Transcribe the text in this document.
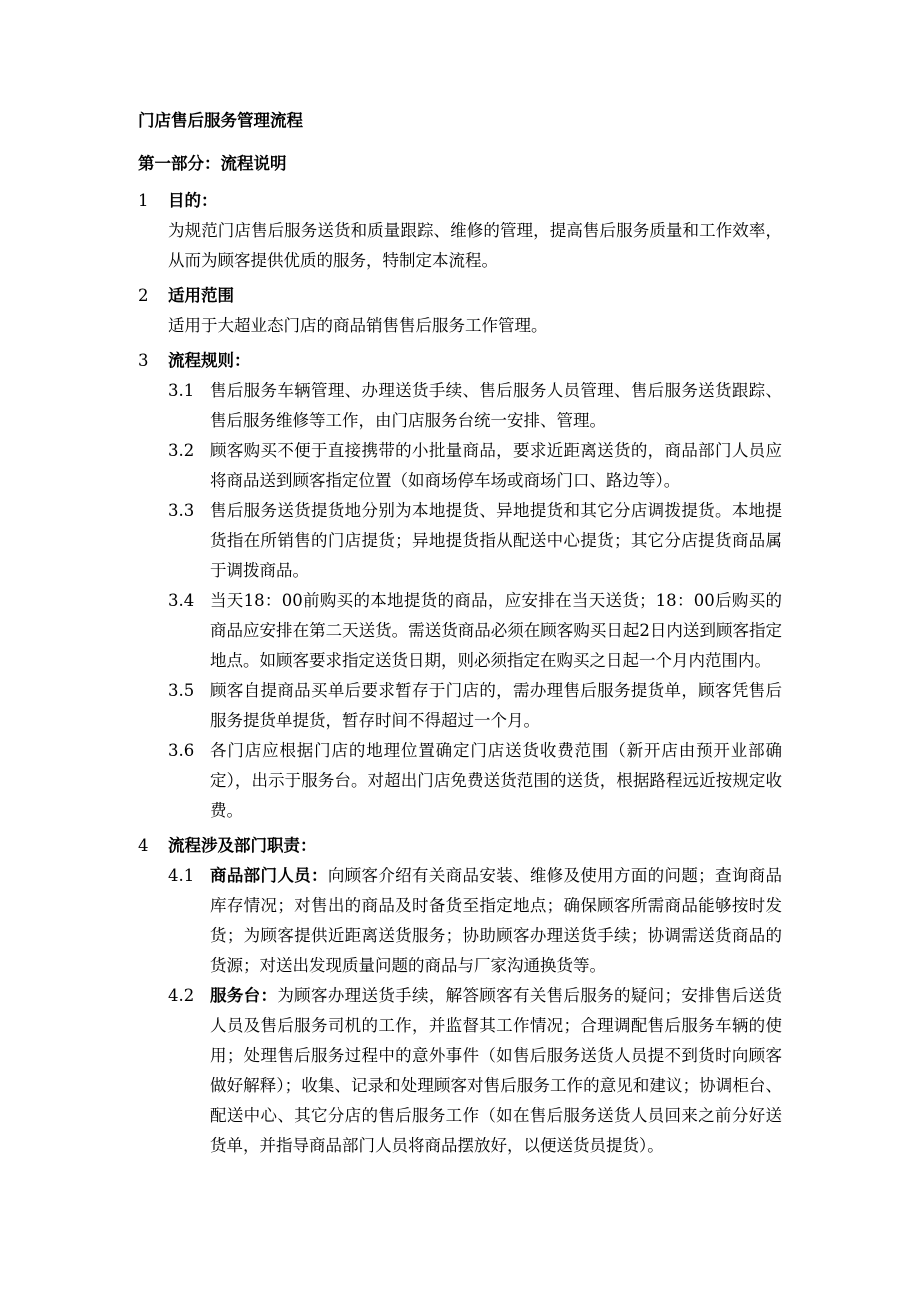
门店售后服务管理流程

第一部分：流程说明

1	目的：

为规范门店售后服务送货和质量跟踪、维修的管理，提高售后服务质量和工作效率，从而为顾客提供优质的服务，特制定本流程。

2	适用范围

适用于大超业态门店的商品销售售后服务工作管理。

3	流程规则：
3.1 售后服务车辆管理、办理送货手续、售后服务人员管理、售后服务送货跟踪、售后服务维修等工作，由门店服务台统一安排、管理。
3.2 顾客购买不便于直接携带的小批量商品，要求近距离送货的，商品部门人员应将商品送到顾客指定位置（如商场停车场或商场门口、路边等）。
3.3 售后服务送货提货地分别为本地提货、异地提货和其它分店调拨提货。本地提货指在所销售的门店提货；异地提货指从配送中心提货；其它分店提货商品属于调拨商品。
3.4 当天18：00前购买的本地提货的商品，应安排在当天送货；18：00后购买的商品应安排在第二天送货。需送货商品必须在顾客购买日起2日内送到顾客指定地点。如顾客要求指定送货日期，则必须指定在购买之日起一个月内范围内。
3.5 顾客自提商品买单后要求暂存于门店的，需办理售后服务提货单，顾客凭售后服务提货单提货，暂存时间不得超过一个月。
3.6 各门店应根据门店的地理位置确定门店送货收费范围（新开店由预开业部确定），出示于服务台。对超出门店免费送货范围的送货，根据路程远近按规定收费。
4	流程涉及部门职责：
4.1 商品部门人员：向顾客介绍有关商品安装、维修及使用方面的问题；查询商品库存情况；对售出的商品及时备货至指定地点；确保顾客所需商品能够按时发货；为顾客提供近距离送货服务；协助顾客办理送货手续；协调需送货商品的货源；对送出发现质量问题的商品与厂家沟通换货等。
4.2 服务台：为顾客办理送货手续，解答顾客有关售后服务的疑问；安排售后送货人员及售后服务司机的工作，并监督其工作情况；合理调配售后服务车辆的使用；处理售后服务过程中的意外事件（如售后服务送货人员提不到货时向顾客做好解释）；收集、记录和处理顾客对售后服务工作的意见和建议；协调柜台、配送中心、其它分店的售后服务工作（如在售后服务送货人员回来之前分好送货单，并指导商品部门人员将商品摆放好，以便送货员提货）。
